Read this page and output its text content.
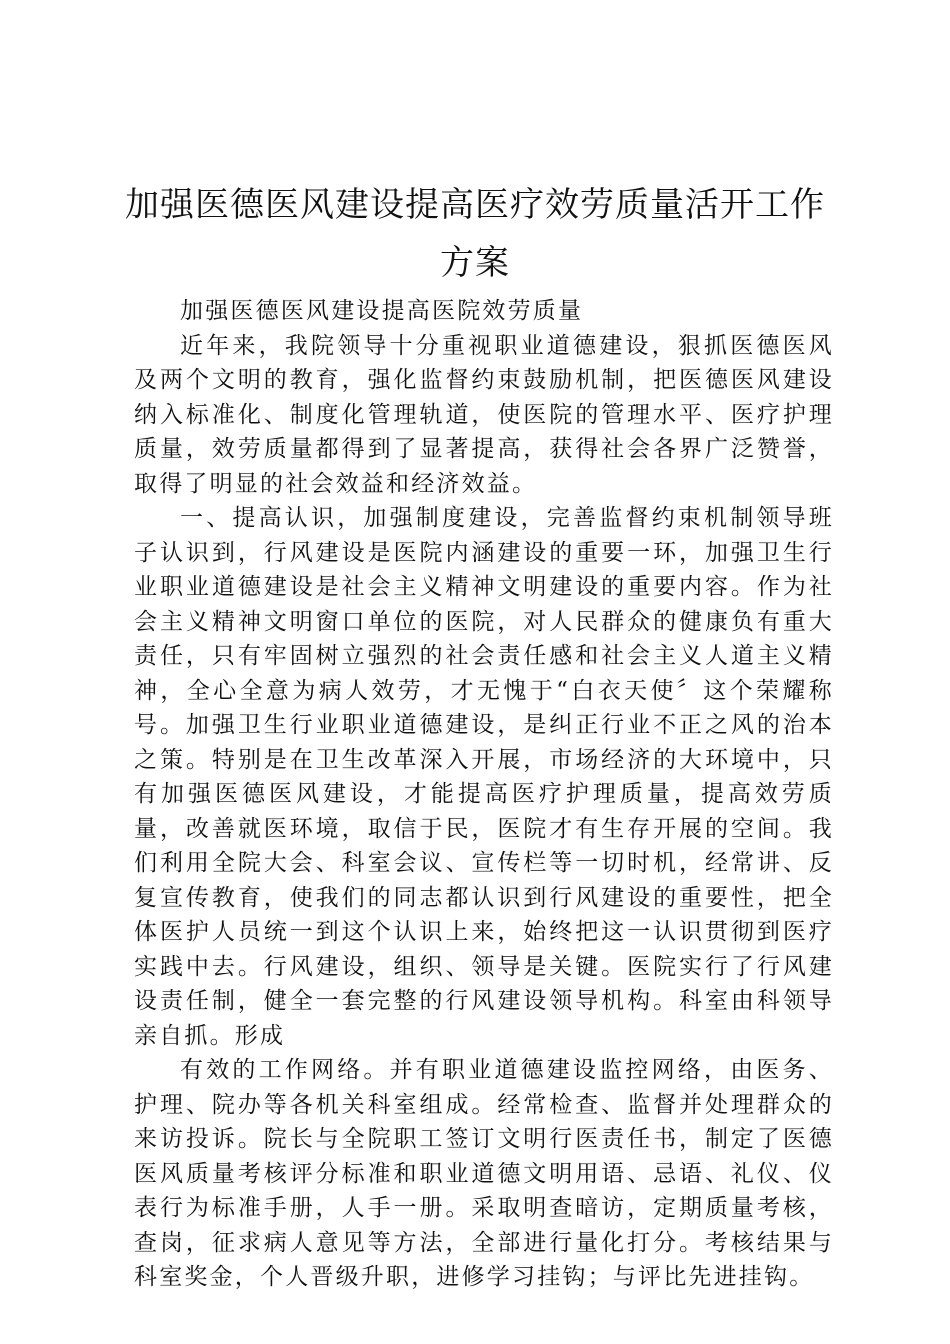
加强医德医风建设提高医疗效劳质量活开工作方案

加强医德医风建设提高医院效劳质量

近年来，我院领导十分重视职业道德建设，狠抓医德医风及两个文明的教育，强化监督约束鼓励机制，把医德医风建设纳入标准化、制度化管理轨道，使医院的管理水平、医疗护理质量，效劳质量都得到了显著提高，获得社会各界广泛赞誉，取得了明显的社会效益和经济效益。

一、提高认识，加强制度建设，完善监督约束机制领导班子认识到，行风建设是医院内涵建设的重要一环，加强卫生行业职业道德建设是社会主义精神文明建设的重要内容。作为社会主义精神文明窗口单位的医院，对人民群众的健康负有重大责任，只有牢固树立强烈的社会责任感和社会主义人道主义精神，全心全意为病人效劳，才无愧于“白衣天使〞这个荣耀称号。加强卫生行业职业道德建设，是纠正行业不正之风的治本之策。特别是在卫生改革深入开展，市场经济的大环境中，只有加强医德医风建设，才能提高医疗护理质量，提高效劳质量，改善就医环境，取信于民，医院才有生存开展的空间。我们利用全院大会、科室会议、宣传栏等一切时机，经常讲、反复宣传教育，使我们的同志都认识到行风建设的重要性，把全体医护人员统一到这个认识上来，始终把这一认识贯彻到医疗实践中去。行风建设，组织、领导是关键。医院实行了行风建设责任制，健全一套完整的行风建设领导机构。科室由科领导亲自抓。形成

有效的工作网络。并有职业道德建设监控网络，由医务、护理、院办等各机关科室组成。经常检查、监督并处理群众的来访投诉。院长与全院职工签订文明行医责任书，制定了医德医风质量考核评分标准和职业道德文明用语、忌语、礼仪、仪表行为标准手册，人手一册。采取明查暗访，定期质量考核，查岗，征求病人意见等方法，全部进行量化打分。考核结果与科室奖金，个人晋级升职，进修学习挂钩；与评比先进挂钩。
